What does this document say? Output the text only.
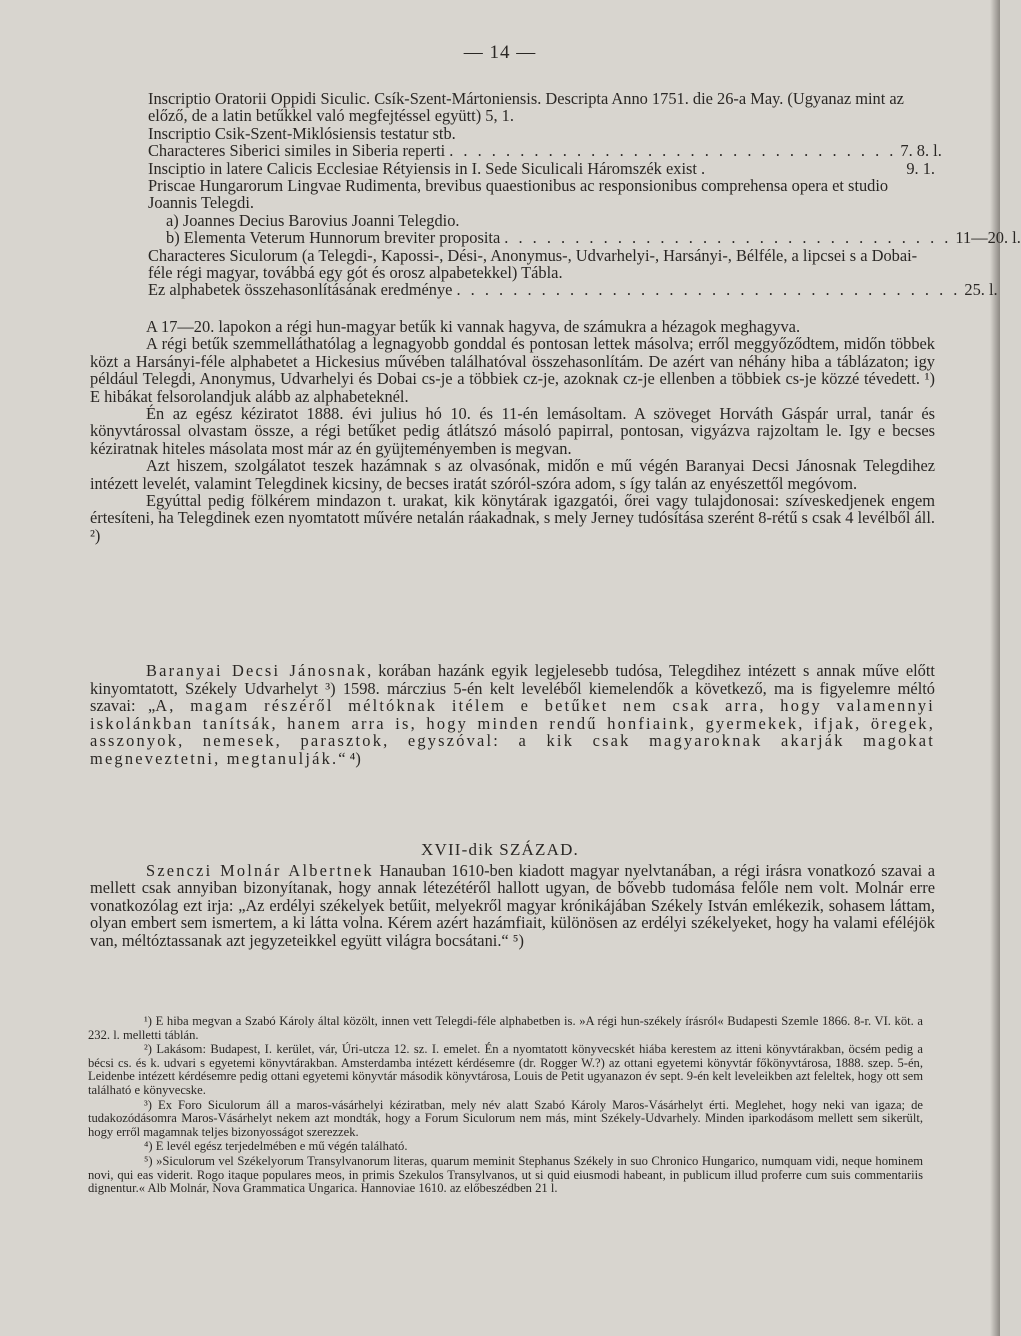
— 14 —
Inscriptio Oratorii Oppidi Siculic. Csík-Szent-Mártoniensis. Descripta Anno 1751. die 26-a May. (Ugyanaz mint az előző, de a latin betűkkel való megfejtéssel együtt) 5, 1.
Inscriptio Csik-Szent-Miklósiensis testatur stb.
Characteres Siberici similes in Siberia reperti . . . . . . . . . . . . . . . . . . . . . . . . . . . . . . . . 7. 8. l.
Insciptio in latere Calicis Ecclesiae Rétyiensis in I. Sede Siculicali Háromszék exist .	9. 1.
Priscae Hungarorum Lingvae Rudimenta, brevibus quaestionibus ac responsionibus comprehensa opera et studio Joannis Telegdi.
a) Joannes Decius Barovius Joanni Telegdio.
b) Elementa Veterum Hunnorum breviter proposita . . . . . . . . . . . . . . . . . . . . . . . . . . . . . . . . 11—20. l.
Characteres Siculorum (a Telegdi-, Kapossi-, Dési-, Anonymus-, Udvarhelyi-, Harsányi-, Bélféle, a lipcsei s a Dobai-féle régi magyar, továbbá egy gót és orosz alpabetekkel) Tábla.
Ez alphabetek összehasonlításának eredménye . . . . . . . . . . . . . . . . . . . . . . . . . . . . . . . . . . . . 25. l.

A 17—20. lapokon a régi hun-magyar betűk ki vannak hagyva, de számukra a hézagok meghagyva.

A régi betűk szemmelláthatólag a legnagyobb gonddal és pontosan lettek másolva; erről meggyőződtem, midőn többek közt a Harsányi-féle alphabetet a Hickesius művében találhatóval összehasonlítám. De azért van néhány hiba a táblázaton; igy például Telegdi, Anonymus, Udvarhelyi és Dobai cs-je a többiek cz-je, azoknak cz-je ellenben a többiek cs-je közzé tévedett. ¹) E hibákat felsorolandjuk alább az alphabeteknél.

Én az egész kéziratot 1888. évi julius hó 10. és 11-én lemásoltam. A szöveget Horváth Gáspár urral, tanár és könyvtárossal olvastam össze, a régi betűket pedig átlátszó másoló papirral, pontosan, vigyázva rajzoltam le. Igy e becses kéziratnak hiteles másolata most már az én gyüjteményemben is megvan.

Azt hiszem, szolgálatot teszek hazámnak s az olvasónak, midőn e mű végén Baranyai Decsi Jánosnak Telegdihez intézett levelét, valamint Telegdinek kicsiny, de becses iratát szóról-szóra adom, s így talán az enyészettől megóvom.

Egyúttal pedig fölkérem mindazon t. urakat, kik könytárak igazgatói, őrei vagy tulajdonosai: szíveskedjenek engem értesíteni, ha Telegdinek ezen nyomtatott művére netalán ráakadnak, s mely Jerney tudósítása szerént 8-rétű s csak 4 levélből áll. ²)

Baranyai Decsi Jánosnak, korában hazánk egyik legjelesebb tudósa, Telegdihez intézett s annak műve előtt kinyomtatott, Székely Udvarhelyt ³) 1598. márczius 5-én kelt leveléből kiemelendők a következő, ma is figyelemre méltó szavai: „A, magam részéről méltóknak itélem e betűket nem csak arra, hogy valamennyi iskolánkban tanítsák, hanem arra is, hogy minden rendű honfiaink, gyermekek, ifjak, öregek, asszonyok, nemesek, parasztok, egyszóval: a kik csak magyaroknak akarják magokat megneveztetni, megtanulják.“ ⁴)

XVII-dik SZÁZAD.

Szenczi Molnár Albertnek Hanauban 1610-ben kiadott magyar nyelvtanában, a régi irásra vonatkozó szavai a mellett csak annyiban bizonyítanak, hogy annak létezétéről hallott ugyan, de bővebb tudomása felőle nem volt. Molnár erre vonatkozólag ezt irja: „Az erdélyi székelyek betűit, melyekről magyar krónikájában Székely István emlékezik, sohasem láttam, olyan embert sem ismertem, a ki látta volna. Kérem azért hazámfiait, különösen az erdélyi székelyeket, hogy ha valami eféléjök van, méltóztassanak azt jegyzeteikkel együtt világra bocsátani.“ ⁵)

¹) E hiba megvan a Szabó Károly által közölt, innen vett Telegdi-féle alphabetben is. »A régi hun-székely írásról« Budapesti Szemle 1866. 8-r. VI. köt. a 232. l. melletti táblán.

²) Lakásom: Budapest, I. kerület, vár, Úri-utcza 12. sz. I. emelet. Én a nyomtatott könyvecskét hiába kerestem az itteni könyvtárakban, öcsém pedig a bécsi cs. és k. udvari s egyetemi könyvtárakban. Amsterdamba intézett kérdésemre (dr. Rogger W.?) az ottani egyetemi könyvtár főkönyvtárosa, 1888. szep. 5-én, Leidenbe intézett kérdésemre pedig ottani egyetemi könyvtár második könyvtárosa, Louis de Petit ugyanazon év sept. 9-én kelt leveleikben azt feleltek, hogy ott sem található e könyvecske.

³) Ex Foro Siculorum áll a maros-vásárhelyi kéziratban, mely név alatt Szabó Károly Maros-Vásárhelyt érti. Meglehet, hogy neki van igaza; de tudakozódásomra Maros-Vásárhelyt nekem azt mondták, hogy a Forum Siculorum nem más, mint Székely-Udvarhely. Minden iparkodásom mellett sem sikerült, hogy erről magamnak teljes bizonyosságot szerezzek.

⁴) E levél egész terjedelmében e mű végén található.

⁵) »Siculorum vel Székelyorum Transylvanorum literas, quarum meminit Stephanus Székely in suo Chronico Hungarico, numquam vidi, neque hominem novi, qui eas viderit. Rogo itaque populares meos, in primis Szekulos Transylvanos, ut si quid eiusmodi habeant, in publicum illud proferre cum suis commentariis dignentur.« Alb Molnár, Nova Grammatica Ungarica. Hannoviae 1610. az előbeszédben 21 l.
